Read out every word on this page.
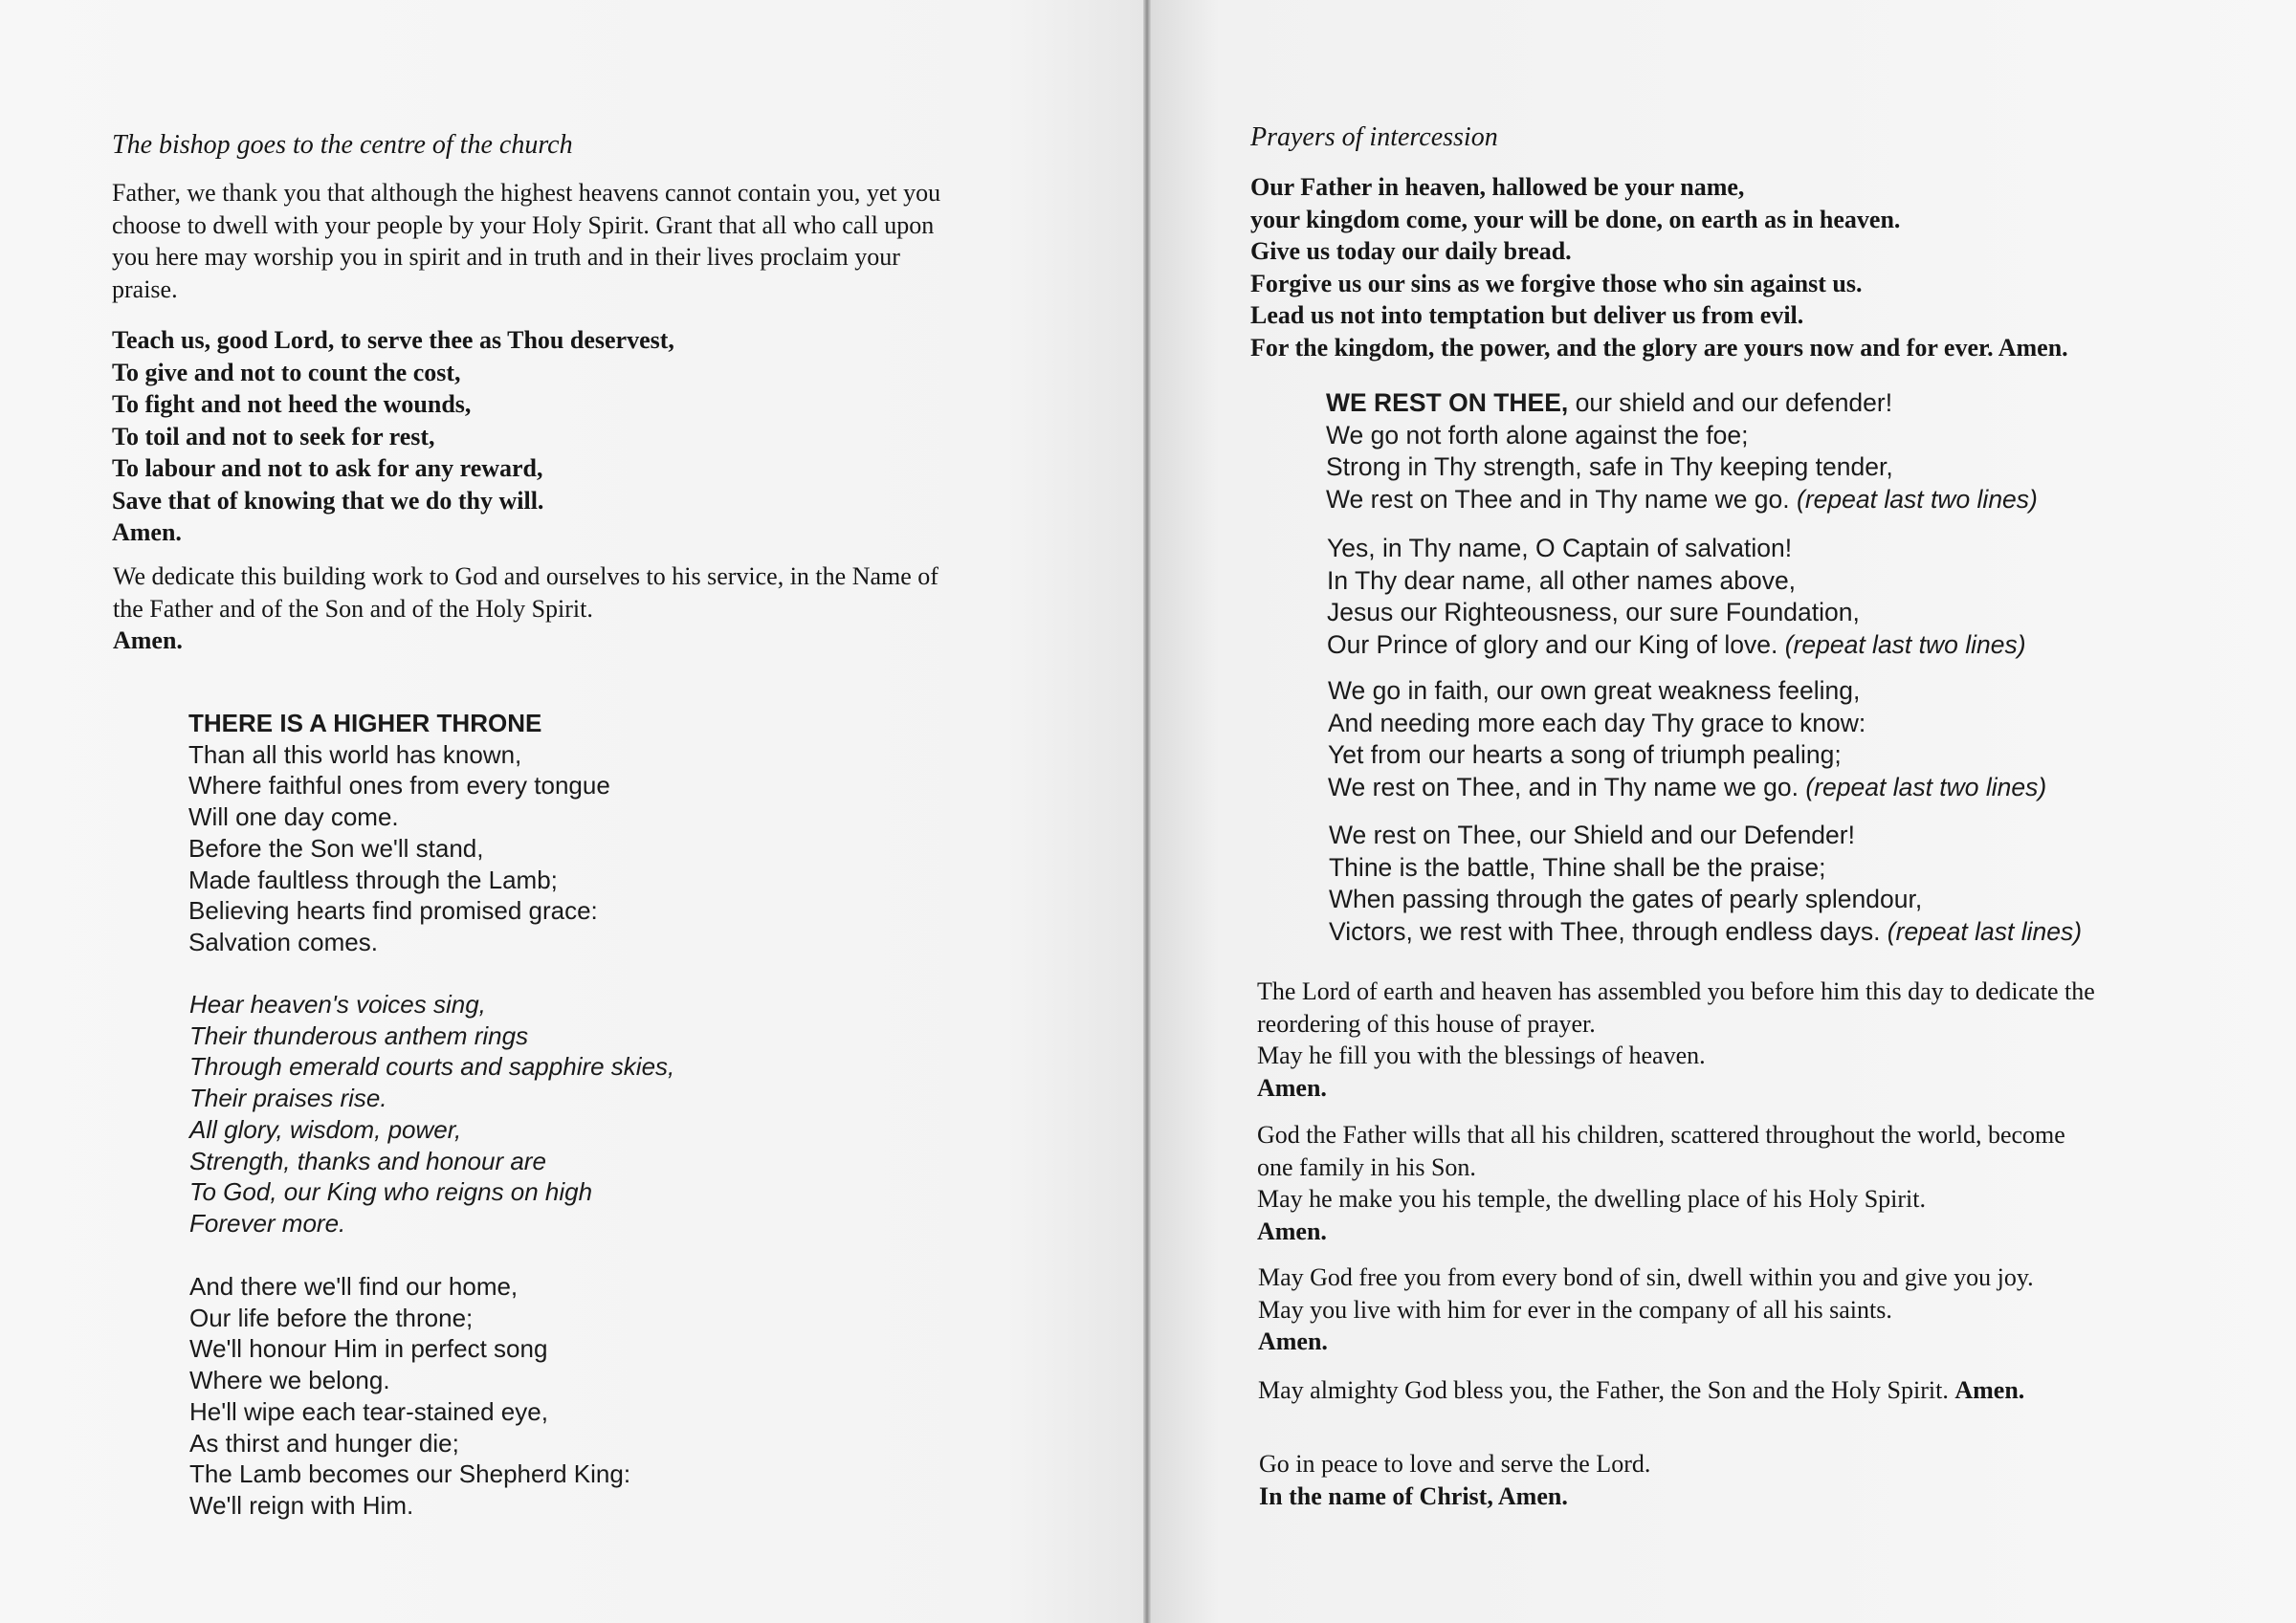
The bishop goes to the centre of the church

Father, we thank you that although the highest heavens cannot contain you, yet you
choose to dwell with your people by your Holy Spirit. Grant that all who call upon
you here may worship you in spirit and in truth and in their lives proclaim your
praise.
Teach us, good Lord, to serve thee as Thou deservest,
To give and not to count the cost,
To fight and not heed the wounds,
To toil and not to seek for rest,
To labour and not to ask for any reward,
Save that of knowing that we do thy will.
Amen.
We dedicate this building work to God and ourselves to his service, in the Name of
the Father and of the Son and of the Holy Spirit.
Amen.
THERE IS A HIGHER THRONE
Than all this world has known,
Where faithful ones from every tongue
Will one day come.
Before the Son we'll stand,
Made faultless through the Lamb;
Believing hearts find promised grace:
Salvation comes.
Hear heaven's voices sing,
Their thunderous anthem rings
Through emerald courts and sapphire skies,
Their praises rise.
All glory, wisdom, power,
Strength, thanks and honour are
To God, our King who reigns on high
Forever more.
And there we'll find our home,
Our life before the throne;
We'll honour Him in perfect song
Where we belong.
He'll wipe each tear-stained eye,
As thirst and hunger die;
The Lamb becomes our Shepherd King:
We'll reign with Him.

Prayers of intercession

Our Father in heaven, hallowed be your name,
your kingdom come, your will be done, on earth as in heaven.
Give us today our daily bread.
Forgive us our sins as we forgive those who sin against us.
Lead us not into temptation but deliver us from evil.
For the kingdom, the power, and the glory are yours now and for ever. Amen.
WE REST ON THEE, our shield and our defender!
We go not forth alone against the foe;
Strong in Thy strength, safe in Thy keeping tender,
We rest on Thee and in Thy name we go. (repeat last two lines)
Yes, in Thy name, O Captain of salvation!
In Thy dear name, all other names above,
Jesus our Righteousness, our sure Foundation,
Our Prince of glory and our King of love. (repeat last two lines)
We go in faith, our own great weakness feeling,
And needing more each day Thy grace to know:
Yet from our hearts a song of triumph pealing;
We rest on Thee, and in Thy name we go. (repeat last two lines)
We rest on Thee, our Shield and our Defender!
Thine is the battle, Thine shall be the praise;
When passing through the gates of pearly splendour,
Victors, we rest with Thee, through endless days. (repeat last lines)
The Lord of earth and heaven has assembled you before him this day to dedicate the
reordering of this house of prayer.
May he fill you with the blessings of heaven.
Amen.
God the Father wills that all his children, scattered throughout the world, become
one family in his Son.
May he make you his temple, the dwelling place of his Holy Spirit.
Amen.
May God free you from every bond of sin, dwell within you and give you joy.
May you live with him for ever in the company of all his saints.
Amen.
May almighty God bless you, the Father, the Son and the Holy Spirit. Amen.
Go in peace to love and serve the Lord.
In the name of Christ, Amen.
